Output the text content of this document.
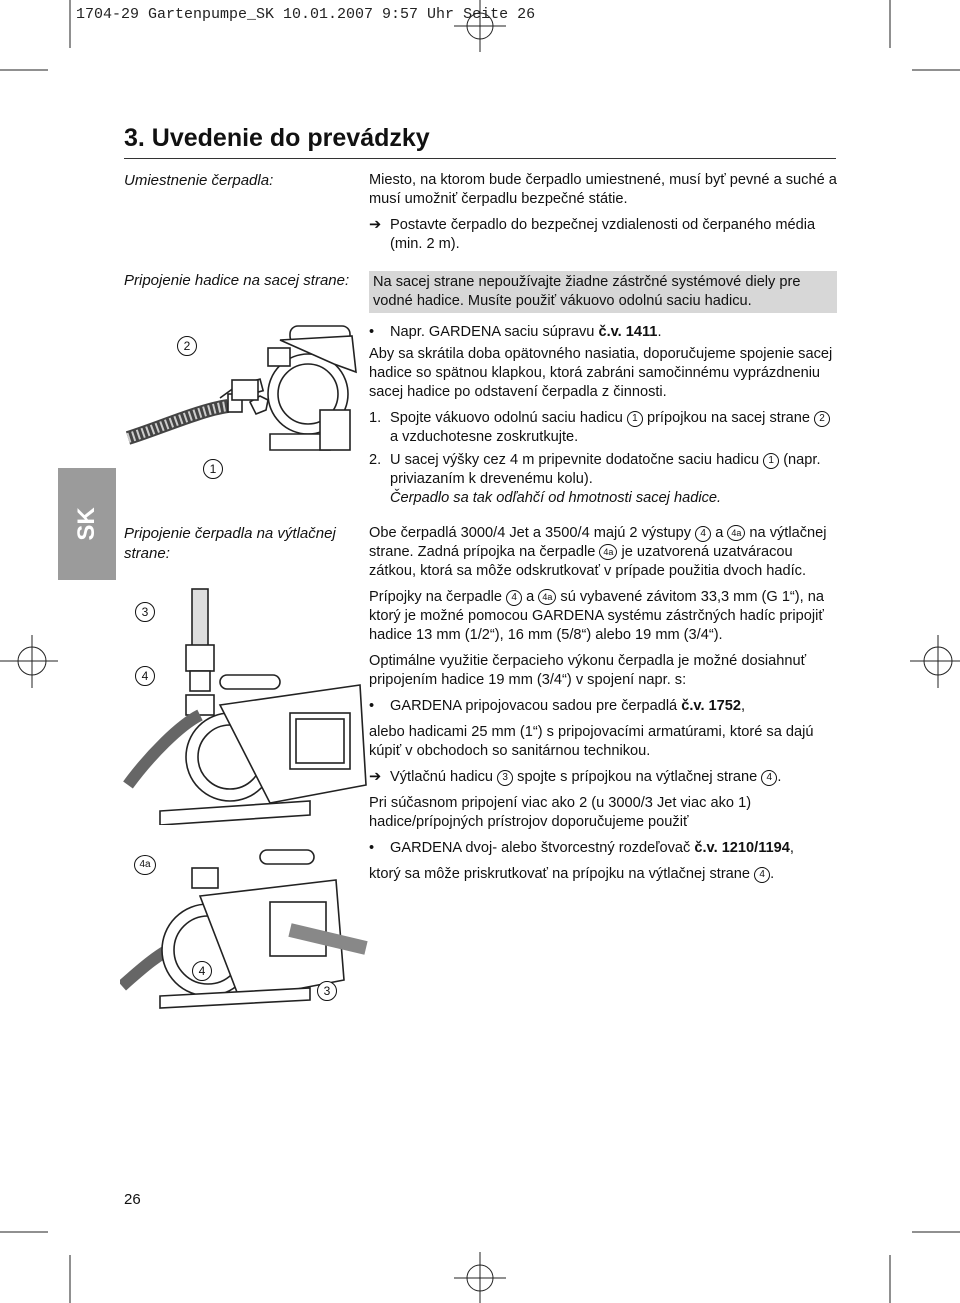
1704-29 Gartenpumpe_SK 10.01.2007 9:57 Uhr Seite 26
3. Uvedenie do prevádzky
SK
Umiestnenie čerpadla:	Miesto, na ktorom bude čerpadlo umiestnené, musí byť pevné a suché a musí umožniť čerpadlu bezpečné státie.

➔ Postavte čerpadlo do bezpečnej vzdialenosti od čerpaného média (min. 2 m).
Pripojenie hadice na sacej strane:	Na sacej strane nepoužívajte žiadne zástrčné systémové diely pre vodné hadice. Musíte použiť vákuovo odolnú saciu hadicu.

•	Napr. GARDENA saciu súpravu č.v. 1411.

Aby sa skrátila doba opätovného nasiatia, doporučujeme spojenie sacej hadice so spätnou klapkou, ktorá zabráni samočinnému vyprázdneniu sacej hadice po odstavení čerpadla z činnosti.

1. Spojte vákuovo odolnú saciu hadicu 1 prípojkou na sacej strane 2 a vzduchotesne zoskrutkujte.
2. U sacej výšky cez 4 m pripevnite dodatočne saciu hadicu 1 (napr. priviazaním k drevenému kolu).
Čerpadlo sa tak odľahčí od hmotnosti sacej hadice.
Pripojenie čerpadla na výtlačnej strane:

Obe čerpadlá 3000/4 Jet a 3500/4 majú 2 výstupy 4 a 4a na výtlačnej strane. Zadná prípojka na čerpadle 4a je uzatvorená uzatváracou zátkou, ktorá sa môže odskrutkovať v prípade použitia dvoch hadíc.

Prípojky na čerpadle 4 a 4a sú vybavené závitom 33,3 mm (G 1“), na ktorý je možné pomocou GARDENA systému zástrčných hadíc pripojiť hadice 13 mm (1/2“), 16 mm (5/8“) alebo 19 mm (3/4“).

Optimálne využitie čerpacieho výkonu čerpadla je možné dosiahnuť pripojením hadice 19 mm (3/4“) v spojení napr. s:

•	GARDENA pripojovacou sadou pre čerpadlá č.v. 1752,

alebo hadicami 25 mm (1“) s pripojovacími armatúrami, ktoré sa dajú kúpiť v obchodoch so sanitárnou technikou.

➔ Výtlačnú hadicu 3 spojte s prípojkou na výtlačnej strane 4 .

Pri súčasnom pripojení viac ako 2 (u 3000/3 Jet viac ako 1) hadice/prípojných prístrojov doporučujeme použiť

•	GARDENA dvoj- alebo štvorcestný rozdeľovač č.v. 1210/1194,

ktorý sa môže priskrutkovať na prípojku na výtlačnej strane 4 .

2
1
3
4
4a
4
3
26
